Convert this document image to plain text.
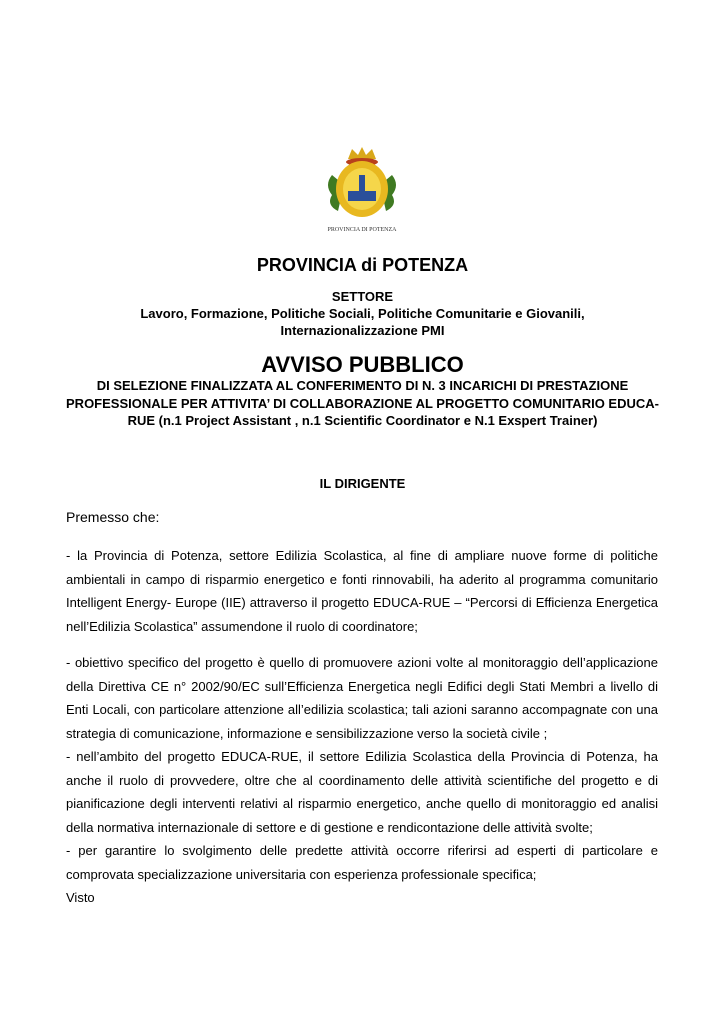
PROVINCIA DI POTENZA
PROVINCIA di POTENZA
SETTORE
Lavoro, Formazione, Politiche Sociali, Politiche Comunitarie e Giovanili,
Internazionalizzazione PMI
AVVISO PUBBLICO
DI SELEZIONE FINALIZZATA AL CONFERIMENTO DI N. 3 INCARICHI DI PRESTAZIONE PROFESSIONALE PER ATTIVITA’ DI COLLABORAZIONE AL PROGETTO COMUNITARIO EDUCA-RUE (n.1 Project Assistant , n.1 Scientific Coordinator e N.1 Exspert Trainer)
IL DIRIGENTE
Premesso che:

- la Provincia di Potenza, settore Edilizia Scolastica, al fine di ampliare nuove forme di politiche ambientali in campo di risparmio energetico e fonti rinnovabili, ha aderito al programma comunitario Intelligent Energy- Europe (IIE) attraverso il progetto EDUCA-RUE – “Percorsi di Efficienza Energetica nell’Edilizia Scolastica” assumendone il ruolo di coordinatore;

- obiettivo specifico del progetto è quello di promuovere azioni volte al monitoraggio dell’applicazione della Direttiva CE n° 2002/90/EC sull’Efficienza Energetica negli Edifici degli Stati Membri a livello di Enti Locali, con particolare attenzione all’edilizia scolastica; tali azioni saranno accompagnate con una strategia di comunicazione, informazione e sensibilizzazione verso la società civile ;

- nell’ambito del progetto EDUCA-RUE, il settore Edilizia Scolastica della Provincia di Potenza, ha anche il ruolo di provvedere, oltre che al coordinamento delle attività scientifiche del progetto e di pianificazione degli interventi relativi al risparmio energetico, anche quello di monitoraggio ed analisi della normativa internazionale di settore e di gestione e rendicontazione delle attività svolte;

- per garantire lo svolgimento delle predette attività occorre riferirsi ad esperti di particolare e comprovata specializzazione universitaria con esperienza professionale specifica;

Visto
